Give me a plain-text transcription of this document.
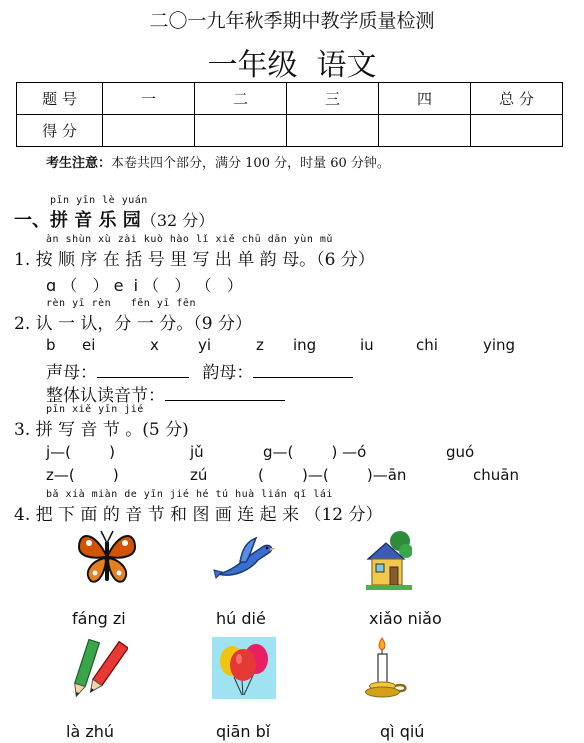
二〇一九年秋季期中教学质量检测
一年级  语文
题 号	一	二	三	四	总 分
得 分					
考生注意：本卷共四个部分，满分 100 分，时量 60 分钟。
pīn yīn lè yuán
一、拼 音 乐 园（32 分）
àn shùn xù zài kuò hào lǐ xiě chū dān yùn mǔ
1. 按 顺 序 在 括 号 里 写 出 单 韵 母。（6 分）
ɑ （   ） e  i （   ） （   ）
rèn yī rèn   fēn yī fēn
2. 认 一 认，分 一 分。（9 分）
b ei	x	yi	z ing	iu	chi	ying
声母：	韵母：
整体认读音节：
pīn xiě yīn jié
3. 拼 写 音 节 。(5 分)
j—(        )	jǔ	g—(        ) —ó	guó
z—(        )	zú	(        )—(        )—ān	chuān
bǎ xià miàn de yīn jié hé tú huà lián qǐ lái
4. 把 下 面 的 音 节 和 图 画 连 起 来 （12 分）
fáng zi	hú dié	xiǎo niǎo
là zhú	qiān bǐ	qì qiú
